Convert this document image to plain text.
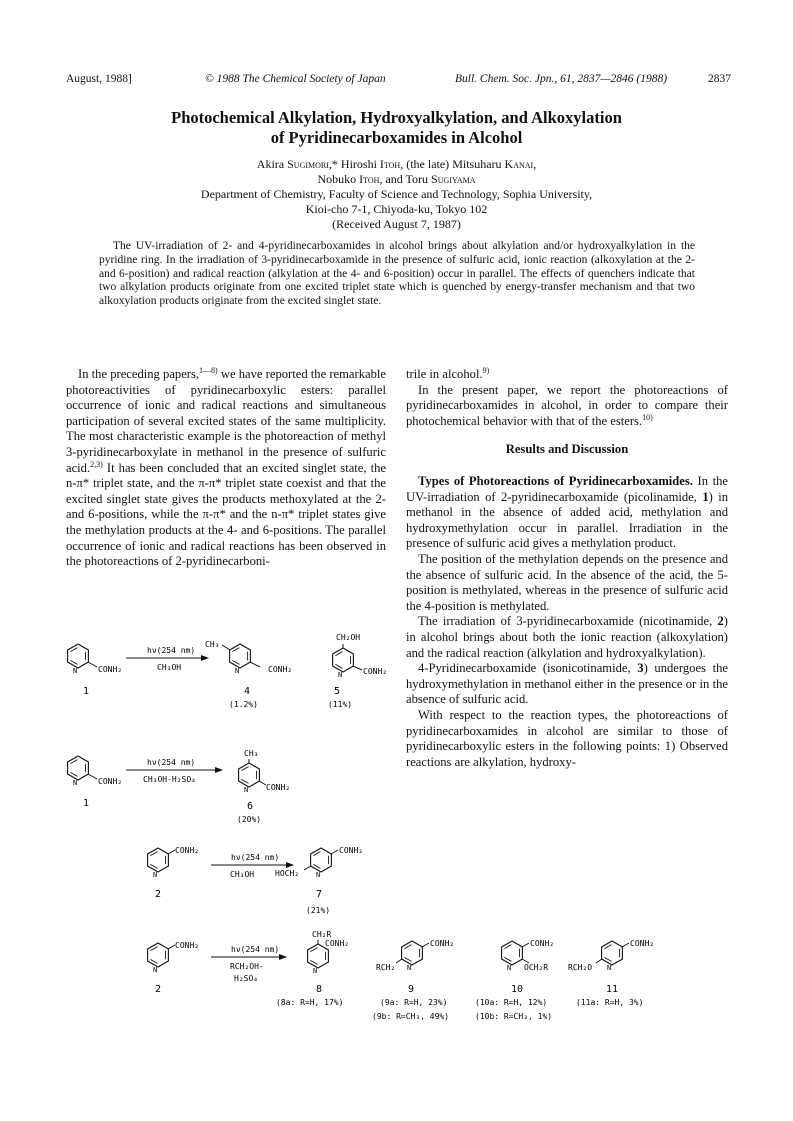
August, 1988]	© 1988 The Chemical Society of Japan	Bull. Chem. Soc. Jpn., 61, 2837—2846 (1988)	2837
Photochemical Alkylation, Hydroxyalkylation, and Alkoxylation
of Pyridinecarboxamides in Alcohol
Akira Sugimori,* Hiroshi Itoh, (the late) Mitsuharu Kanai,
Nobuko Itoh, and Toru Sugiyama
Department of Chemistry, Faculty of Science and Technology, Sophia University,
Kioi-cho 7-1, Chiyoda-ku, Tokyo 102
(Received August 7, 1987)
The UV-irradiation of 2- and 4-pyridinecarboxamides in alcohol brings about alkylation and/or hydroxyalkylation in the pyridine ring. In the irradiation of 3-pyridinecarboxamide in the presence of sulfuric acid, ionic reaction (alkoxylation at the 2- and 6-position) and radical reaction (alkylation at the 4- and 6-position) occur in parallel. The effects of quenchers indicate that two alkylation products originate from one excited triplet state which is quenched by energy-transfer mechanism and that two alkoxylation products originate from the excited singlet state.

In the preceding papers,$^{1—8)}$ we have reported the remarkable photoreactivities of pyridinecarboxylic esters: parallel occurrence of ionic and radical reactions and simultaneous participation of several excited states of the same multiplicity. The most characteristic example is the photoreaction of methyl 3-pyridinecarboxylate in methanol in the presence of sulfuric acid.$^{2,3)}$ It has been concluded that an excited singlet state, the n-π* triplet state, and the π-π* triplet state coexist and that the excited singlet state gives the products methoxylated at the 2- and 6-positions, while the π-π* and the n-π* triplet states give the methylation products at the 4- and 6-positions. The parallel occurrence of ionic and radical reactions has been observed in the photoreactions of 2-pyridinecarboni-

trile in alcohol.$^{9)}$

In the present paper, we report the photoreactions of pyridinecarboxamides in alcohol, in order to compare their photochemical behavior with that of the esters.$^{10)}$

Results and Discussion

Types of Photoreactions of Pyridinecarboxamides. In the UV-irradiation of 2-pyridinecarboxamide (picolinamide, 1) in methanol in the absence of added acid, methylation and hydroxymethylation occur in parallel. Irradiation in the presence of sulfuric acid gives a methylation product.

The position of the methylation depends on the presence and the absence of sulfuric acid. In the absence of the acid, the 5-position is methylated, whereas in the presence of sulfuric acid the 4-position is methylated.

The irradiation of 3-pyridinecarboxamide (nicotinamide, 2) in alcohol brings about both the ionic reaction (alkoxylation) and the radical reaction (alkylation and hydroxyalkylation).

4-Pyridinecarboxamide (isonicotinamide, 3) undergoes the hydroxymethylation in methanol either in the presence or in the absence of sulfuric acid.

With respect to the reaction types, the photoreactions of pyridinecarboxamides in alcohol are similar to those of pyridinecarboxylic esters in the following points: 1) Observed reactions are alkylation, hydroxy-

N	CONH₂
1
hν(254 nm)
CH₃OH	N
CH₃
CONH₂
4
(1.2%)
CH₂OH
N	CONH₂
5
(11%)
N	CONH₂
1
hν(254 nm)
CH₃OH-H₂SO₄
CH₃
N CONH₂
6
(20%)
N
CONH₂
2
hν(254 nm)
CH₃OH	N
CONH₂
HOCH₂
7
(21%)
N
CONH₂
2
hν(254 nm)
RCH₂OH-
H₂SO₄
CH₂R
N
CONH₂
8
(8a: R=H, 17%)
N
CONH₂
RCH₂
9
(9a: R=H, 23%)
(9b: R=CH₃, 49%)
N
CONH₂
OCH₂R
10
(10a: R=H, 12%)
(10b: R=CH₃, 1%)
N
CONH₂
RCH₂O
11
(11a: R=H, 3%)
